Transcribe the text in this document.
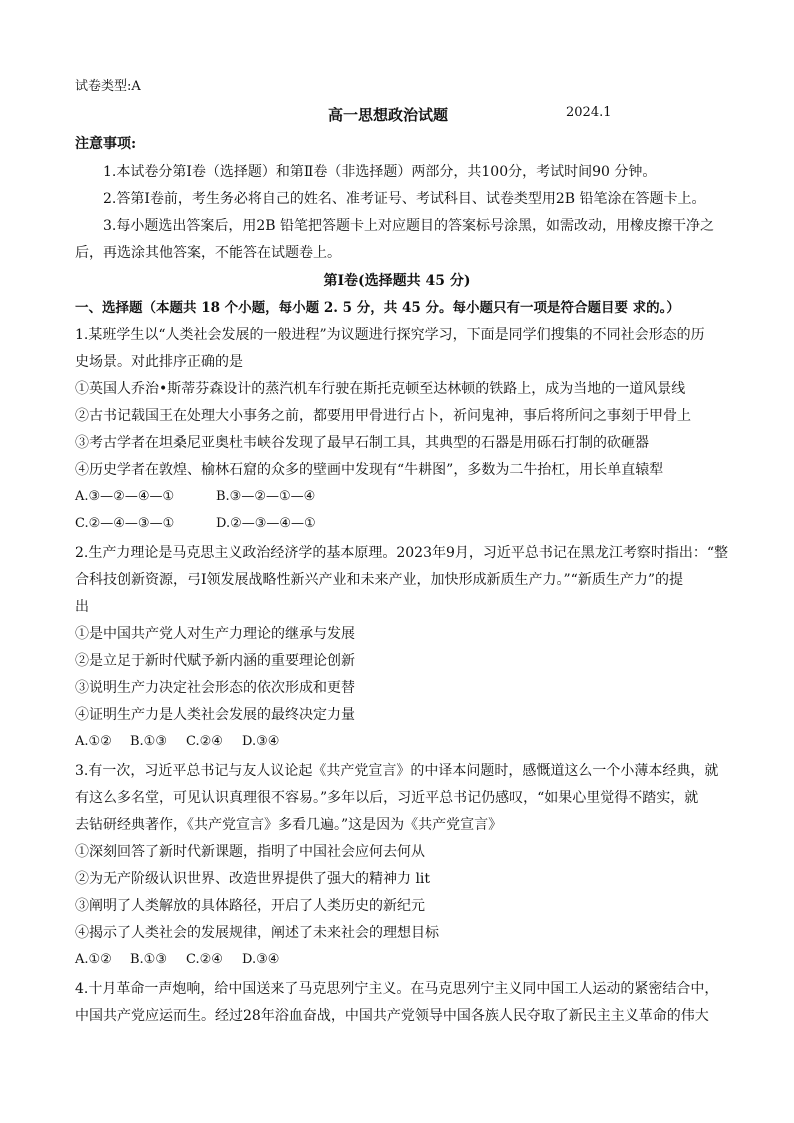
试卷类型:A
高一思想政治试题	2024.1
注意事项:
1.本试卷分第Ⅰ卷（选择题）和第Ⅱ卷（非选择题）两部分，共100分，考试时间90 分钟。
2.答第Ⅰ卷前，考生务必将自己的姓名、准考证号、考试科目、试卷类型用2B 铅笔涂在答题卡上。
3.每小题选出答案后，用2B 铅笔把答题卡上对应题目的答案标号涂黑，如需改动，用橡皮擦干净之
后，再选涂其他答案，不能答在试题卷上。
第Ⅰ卷(选择题共 45 分)
一、选择题（本题共 18 个小题，每小题 2. 5 分，共 45 分。每小题只有一项是符合题目要 求的。）
1.某班学生以“人类社会发展的一般进程”为议题进行探究学习，下面是同学们搜集的不同社会形态的历
史场景。对此排序正确的是
①英国人乔治•斯蒂芬森设计的蒸汽机车行驶在斯托克顿至达林顿的铁路上，成为当地的一道风景线
②古书记载国王在处理大小事务之前，都要用甲骨进行占卜，祈问鬼神，事后将所问之事刻于甲骨上
③考古学者在坦桑尼亚奥杜韦峡谷发现了最早石制工具，其典型的石器是用砾石打制的砍砸器
④历史学者在敦煌、榆林石窟的众多的壁画中发现有“牛耕图”，多数为二牛抬杠，用长单直辕犁
A.③—②—④—①	B.③—②—①—④
C.②—④—③—①	D.②—③—④—①
2.生产力理论是马克思主义政治经济学的基本原理。2023年9月，习近平总书记在黑龙江考察时指出：“整
合科技创新资源，弓Ⅰ领发展战略性新兴产业和未来产业，加快形成新质生产力。”“新质生产力”的提
出
①是中国共产党人对生产力理论的继承与发展
②是立足于新时代赋予新内涵的重要理论创新
③说明生产力决定社会形态的依次形成和更替
④证明生产力是人类社会发展的最终决定力量
A.①② B.①③ C.②④ D.③④
3.有一次，习近平总书记与友人议论起《共产党宣言》的中译本问题时，感慨道这么一个小薄本经典，就
有这么多名堂，可见认识真理很不容易。”多年以后，习近平总书记仍感叹，“如果心里觉得不踏实，就
去钻研经典著作，《共产党宣言》多看几遍。”这是因为《共产党宣言》
①深刻回答了新时代新课题，指明了中国社会应何去何从
②为无产阶级认识世界、改造世界提供了强大的精神力 lit
③阐明了人类解放的具体路径，开启了人类历史的新纪元
④揭示了人类社会的发展规律，阐述了未来社会的理想目标
A.①② B.①③ C.②④ D.③④
4.十月革命一声炮响，给中国送来了马克思列宁主义。在马克思列宁主义同中国工人运动的紧密结合中，
中国共产党应运而生。经过28年浴血奋战，中国共产党领导中国各族人民夺取了新民主主义革命的伟大
